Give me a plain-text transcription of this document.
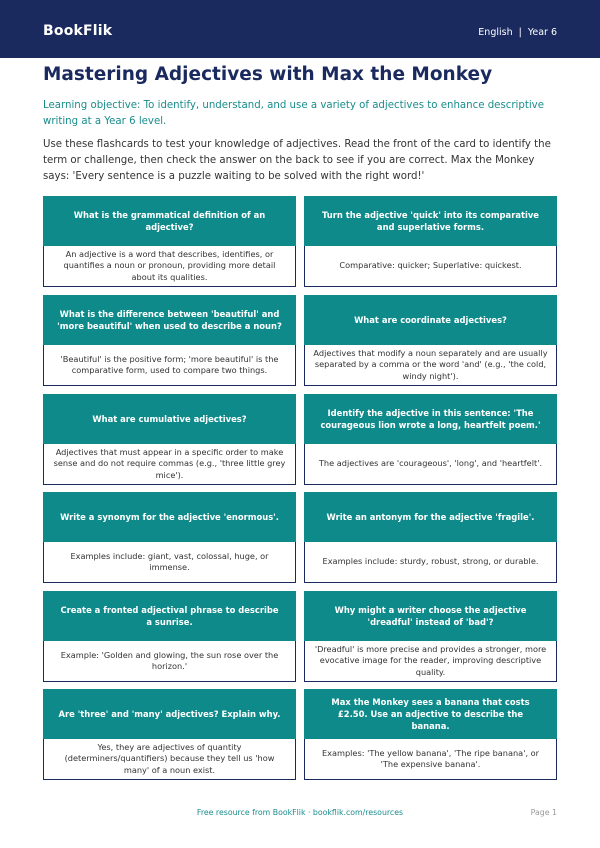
BookFlik	English | Year 6
Mastering Adjectives with Max the Monkey
Learning objective: To identify, understand, and use a variety of adjectives to enhance descriptive writing at a Year 6 level.
Use these flashcards to test your knowledge of adjectives. Read the front of the card to identify the term or challenge, then check the answer on the back to see if you are correct. Max the Monkey says: 'Every sentence is a puzzle waiting to be solved with the right word!'
What is the grammatical definition of an adjective?
An adjective is a word that describes, identifies, or quantifies a noun or pronoun, providing more detail about its qualities.
Turn the adjective 'quick' into its comparative and superlative forms.
Comparative: quicker; Superlative: quickest.
What is the difference between 'beautiful' and 'more beautiful' when used to describe a noun?
'Beautiful' is the positive form; 'more beautiful' is the comparative form, used to compare two things.
What are coordinate adjectives?
Adjectives that modify a noun separately and are usually separated by a comma or the word 'and' (e.g., 'the cold, windy night').
What are cumulative adjectives?
Adjectives that must appear in a specific order to make sense and do not require commas (e.g., 'three little grey mice').
Identify the adjective in this sentence: 'The courageous lion wrote a long, heartfelt poem.'
The adjectives are 'courageous', 'long', and 'heartfelt'.
Write a synonym for the adjective 'enormous'.
Examples include: giant, vast, colossal, huge, or immense.
Write an antonym for the adjective 'fragile'.
Examples include: sturdy, robust, strong, or durable.
Create a fronted adjectival phrase to describe a sunrise.
Example: 'Golden and glowing, the sun rose over the horizon.'
Why might a writer choose the adjective 'dreadful' instead of 'bad'?
'Dreadful' is more precise and provides a stronger, more evocative image for the reader, improving descriptive quality.
Are 'three' and 'many' adjectives? Explain why.
Yes, they are adjectives of quantity (determiners/quantifiers) because they tell us 'how many' of a noun exist.
Max the Monkey sees a banana that costs £2.50. Use an adjective to describe the banana.
Examples: 'The yellow banana', 'The ripe banana', or 'The expensive banana'.
Free resource from BookFlik · bookflik.com/resources	Page 1
